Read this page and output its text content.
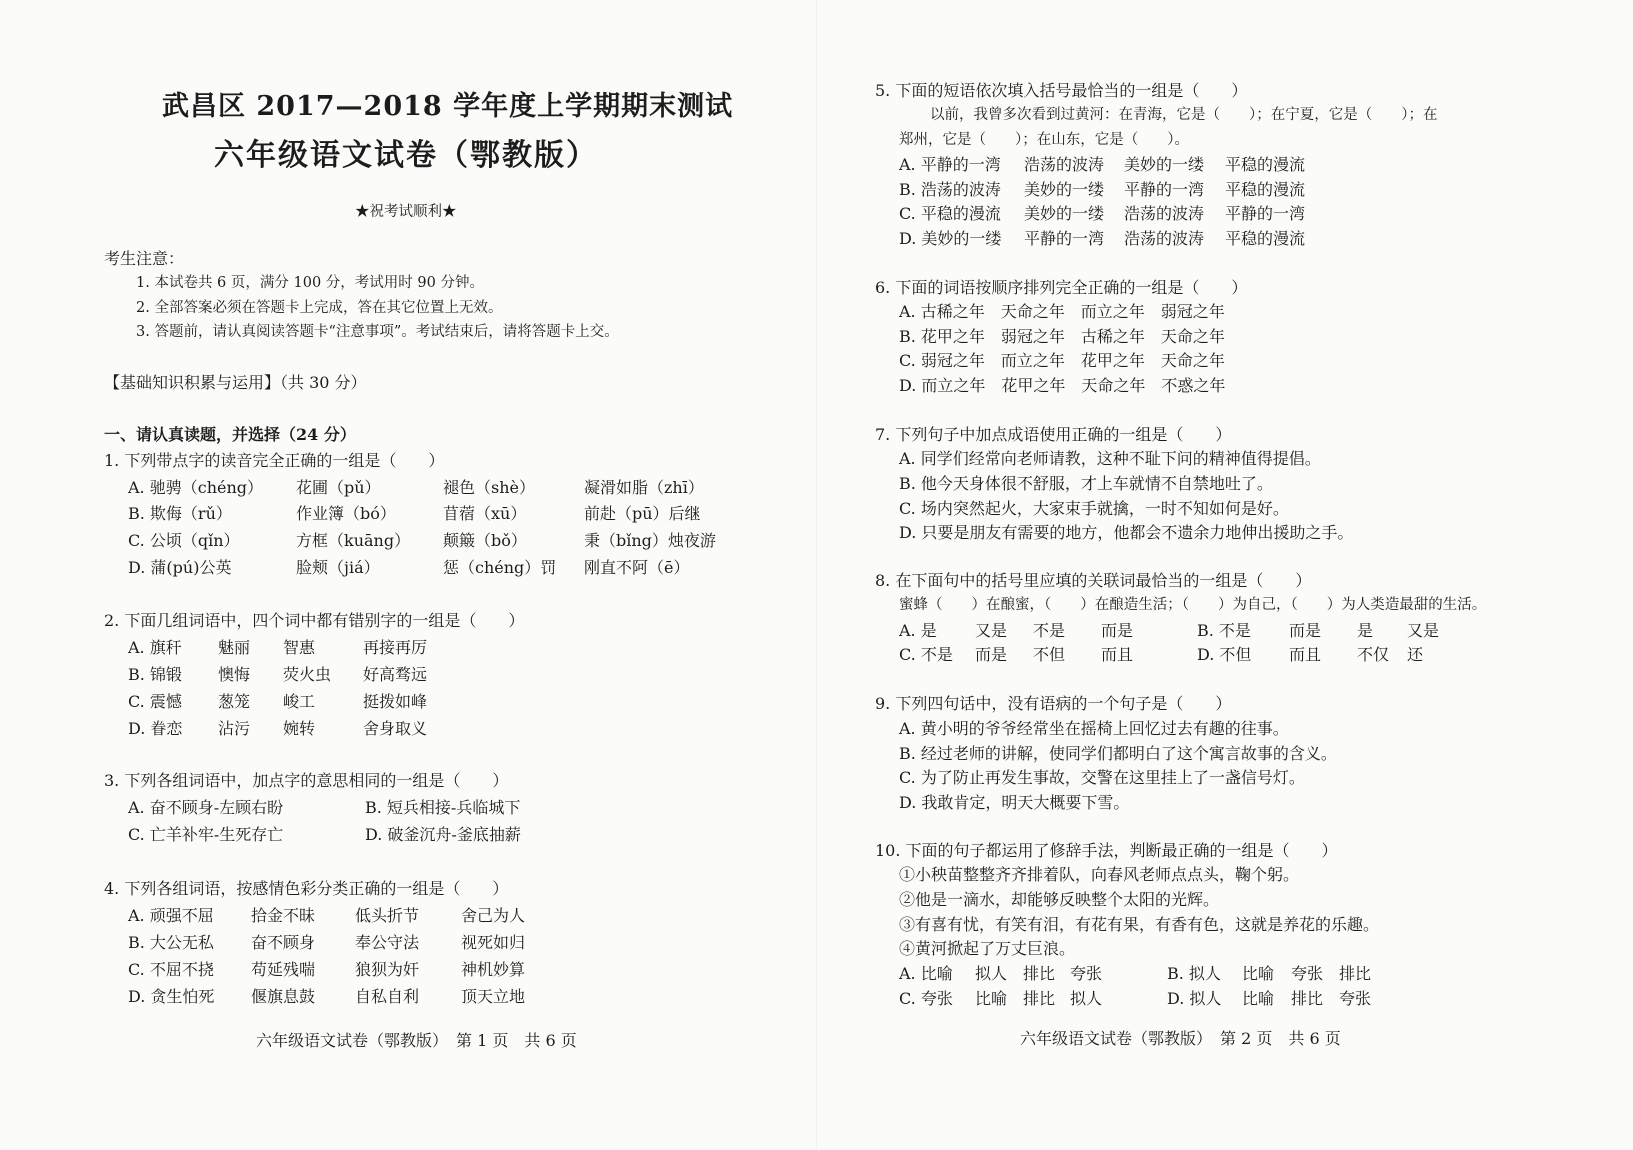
武昌区 2017—2018 学年度上学期期末测试
六年级语文试卷（鄂教版）
★祝考试顺利★
考生注意：
1. 本试卷共 6 页，满分 100 分，考试用时 90 分钟。
2. 全部答案必须在答题卡上完成，答在其它位置上无效。
3. 答题前，请认真阅读答题卡“注意事项”。考试结束后，请将答题卡上交。
【基础知识积累与运用】（共 30 分）
一、请认真读题，并选择（24 分）
1. 下列带点字的读音完全正确的一组是（　　）
A. 驰骋（chéng） 花圃（pǔ）	褪色（shè）	凝滑如脂（zhī）
B. 欺侮（rǔ）	作业簿（bó）	苜蓿（xū）	前赴（pū）后继
C. 公顷（qǐn）	方框（kuāng） 颠簸（bǒ）	秉（bǐng）烛夜游
D. 蒲(pú)公英	脸颊（jiá）	惩（chéng）罚 刚直不阿（ē）
2. 下面几组词语中，四个词中都有错别字的一组是（　　）
A. 旗秆 魅丽 智惠	再接再厉
B. 锦锻 懊悔 荧火虫 好高骛远
C. 震憾 葱笼 峻工	挺拨如峰
D. 眷恋 沾污 婉转	舍身取义
3. 下列各组词语中，加点字的意思相同的一组是（　　）
A. 奋不顾身-左顾右盼	B. 短兵相接-兵临城下
C. 亡羊补牢-生死存亡	D. 破釜沉舟-釜底抽薪
4. 下列各组词语，按感情色彩分类正确的一组是（　　）
A. 顽强不屈 拾金不昧 低头折节	舍己为人
B. 大公无私 奋不顾身 奉公守法	视死如归
C. 不屈不挠 苟延残喘 狼狈为奸	神机妙算
D. 贪生怕死 偃旗息鼓 自私自利	顶天立地
六年级语文试卷（鄂教版）　第 1 页　共 6 页
5. 下面的短语依次填入括号最恰当的一组是（　　）
以前，我曾多次看到过黄河：在青海，它是（　　）；在宁夏，它是（　　）；在
郑州，它是（　　）；在山东，它是（　　）。
A. 平静的一湾 浩荡的波涛 美妙的一缕 平稳的漫流
B. 浩荡的波涛 美妙的一缕 平静的一湾 平稳的漫流
C. 平稳的漫流 美妙的一缕 浩荡的波涛 平静的一湾
D. 美妙的一缕 平静的一湾 浩荡的波涛 平稳的漫流
6. 下面的词语按顺序排列完全正确的一组是（　　）
A. 古稀之年　天命之年　而立之年　弱冠之年
B. 花甲之年　弱冠之年　古稀之年　天命之年
C. 弱冠之年　而立之年　花甲之年　天命之年
D. 而立之年　花甲之年　天命之年　不惑之年
7. 下列句子中加点成语使用正确的一组是（　　）
A. 同学们经常向老师请教，这种不耻下问的精神值得提倡。
B. 他今天身体很不舒服，才上车就情不自禁地吐了。
C. 场内突然起火，大家束手就擒，一时不知如何是好。
D. 只要是朋友有需要的地方，他都会不遗余力地伸出援助之手。
8. 在下面句中的括号里应填的关联词最恰当的一组是（　　）
蜜蜂（　　）在酿蜜，（　　）在酿造生活；（　　）为自己，（　　）为人类造最甜的生活。
A. 是 又是 不是 而是	B. 不是 而是 是 又是
C. 不是 而是 不但 而且	D. 不但 而且 不仅 还
9. 下列四句话中，没有语病的一个句子是（　　）
A. 黄小明的爷爷经常坐在摇椅上回忆过去有趣的往事。
B. 经过老师的讲解，使同学们都明白了这个寓言故事的含义。
C. 为了防止再发生事故，交警在这里挂上了一盏信号灯。
D. 我敢肯定，明天大概要下雪。
10. 下面的句子都运用了修辞手法，判断最正确的一组是（　　）
①小秧苗整整齐齐排着队，向春风老师点点头，鞠个躬。
②他是一滴水，却能够反映整个太阳的光辉。
③有喜有忧，有笑有泪，有花有果，有香有色，这就是养花的乐趣。
④黄河掀起了万丈巨浪。
A. 比喻 拟人 排比 夸张	B. 拟人 比喻 夸张 排比
C. 夸张 比喻 排比 拟人	D. 拟人 比喻 排比 夸张
六年级语文试卷（鄂教版）　第 2 页　共 6 页
